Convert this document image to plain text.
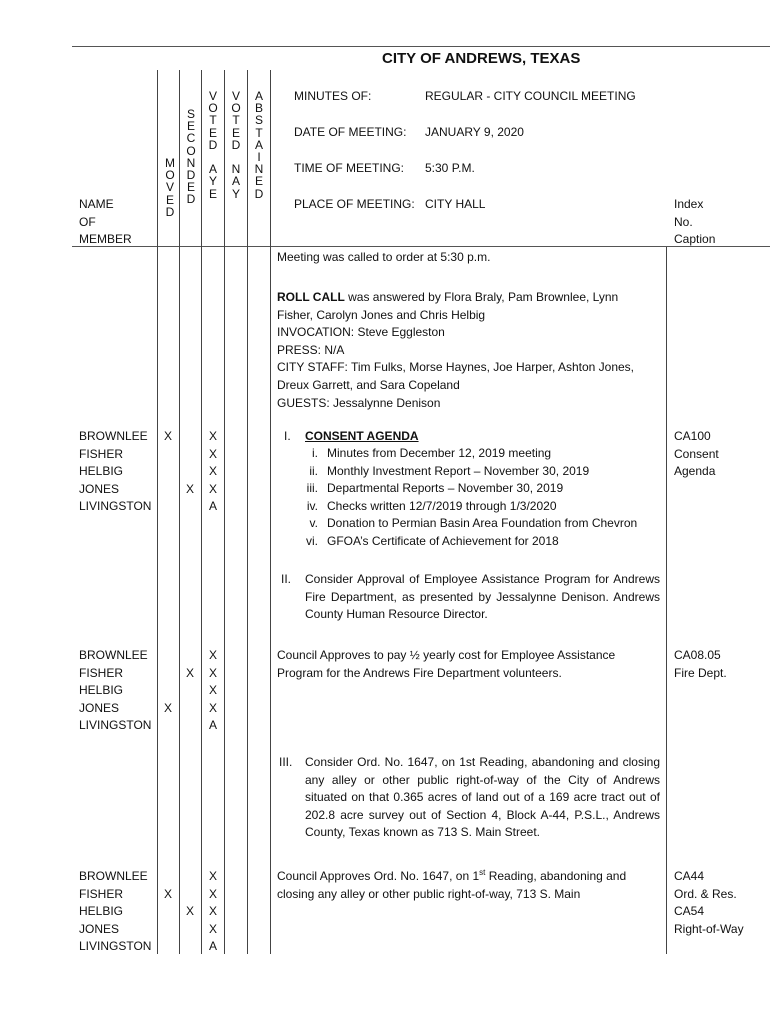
CITY OF ANDREWS, TEXAS
NAME
OF
MEMBER
M
O
V
E
D
S
E
C
O
N
D
E
D
V
O
T
E
D
A
Y
E
V
O
T
E
D
N
A
Y
A
B
S
T
A
I
N
E
D
MINUTES OF:	REGULAR - CITY COUNCIL MEETING
DATE OF MEETING: JANUARY 9, 2020
TIME OF MEETING: 5:30 P.M.
PLACE OF MEETING: CITY HALL	Index
No.
Caption
Meeting was called to order at 5:30 p.m.
ROLL CALL was answered by Flora Braly, Pam Brownlee, Lynn
Fisher, Carolyn Jones and Chris Helbig
INVOCATION: Steve Eggleston
PRESS: N/A
CITY STAFF: Tim Fulks, Morse Haynes, Joe Harper, Ashton Jones,
Dreux Garrett, and Sara Copeland
GUESTS: Jessalynne Denison
BROWNLEE
FISHER
HELBIG
JONES
LIVINGSTON
X

X

X
X
X
X
A
I. CONSENT AGENDA
i. Minutes from December 12, 2019 meeting
ii. Monthly Investment Report – November 30, 2019
iii. Departmental Reports – November 30, 2019
iv. Checks written 12/7/2019 through 1/3/2020
v. Donation to Permian Basin Area Foundation from Chevron
vi. GFOA’s Certificate of Achievement for 2018
CA100
Consent
Agenda
II. Consider Approval of Employee Assistance Program for Andrews Fire Department, as presented by Jessalynne Denison. Andrews County Human Resource Director.
BROWNLEE
FISHER
HELBIG
JONES
LIVINGSTON

X

X

X
X
X
X
A
Council Approves to pay ½ yearly cost for Employee Assistance
Program for the Andrews Fire Department volunteers.
CA08.05
Fire Dept.
III. Consider Ord. No. 1647, on 1st Reading, abandoning and closing any alley or other public right-of-way of the City of Andrews situated on that 0.365 acres of land out of a 169 acre tract out of 202.8 acre survey out of Section 4, Block A-44, P.S.L., Andrews County, Texas known as 713 S. Main Street.
BROWNLEE
FISHER
HELBIG
JONES
LIVINGSTON

X

X

X
X
X
X
A
Council Approves Ord. No. 1647, on 1st Reading, abandoning and
closing any alley or other public right-of-way, 713 S. Main
CA44
Ord. & Res.
CA54
Right-of-Way
